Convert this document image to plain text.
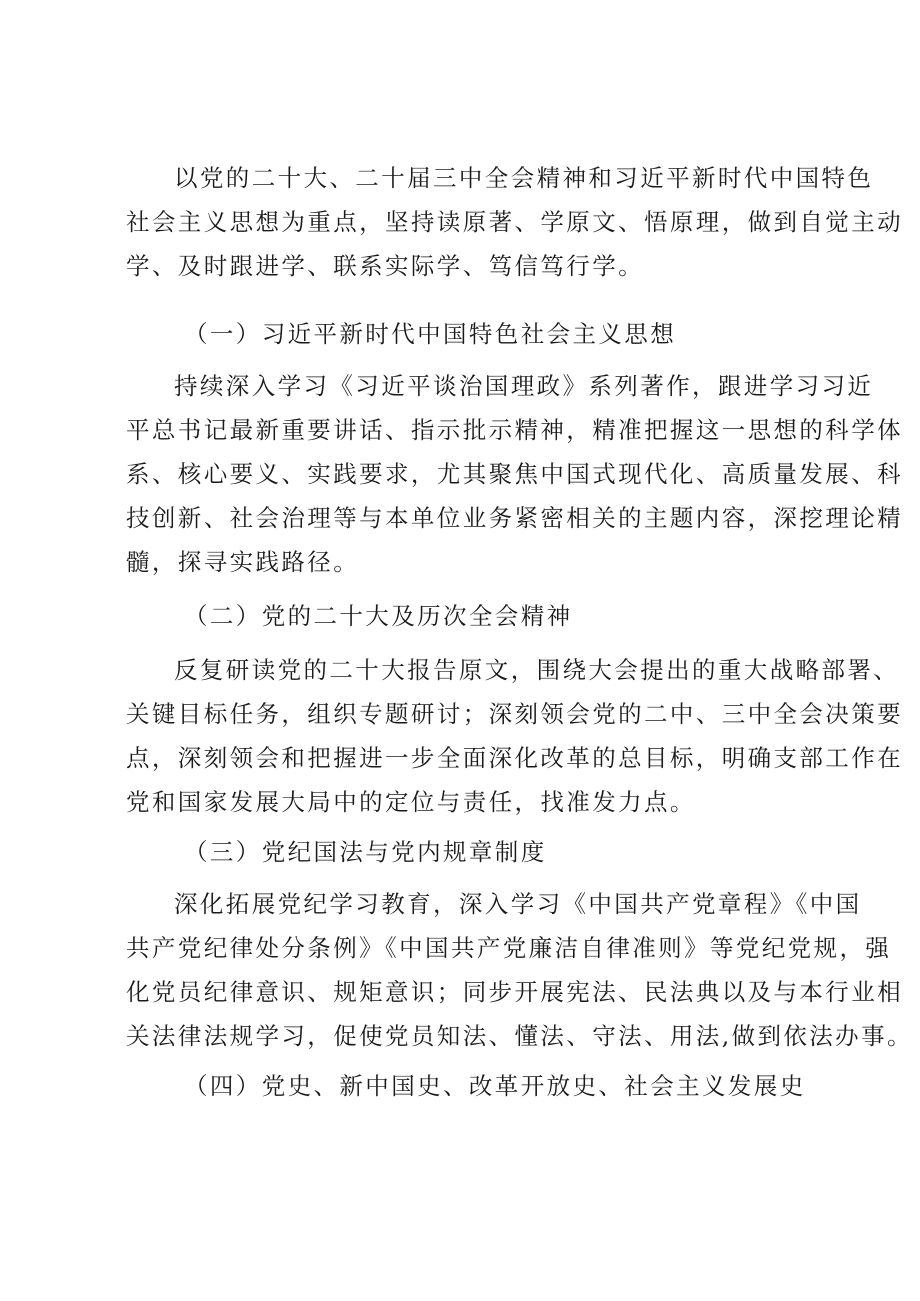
以党的二十大、二十届三中全会精神和习近平新时代中国特色
社会主义思想为重点，坚持读原著、学原文、悟原理，做到自觉主动
学、及时跟进学、联系实际学、笃信笃行学。
（一）习近平新时代中国特色社会主义思想
持续深入学习《习近平谈治国理政》系列著作，跟进学习习近
平总书记最新重要讲话、指示批示精神，精准把握这一思想的科学体
系、核心要义、实践要求，尤其聚焦中国式现代化、高质量发展、科
技创新、社会治理等与本单位业务紧密相关的主题内容，深挖理论精
髓，探寻实践路径。
（二）党的二十大及历次全会精神
反复研读党的二十大报告原文，围绕大会提出的重大战略部署、
关键目标任务，组织专题研讨；深刻领会党的二中、三中全会决策要
点，深刻领会和把握进一步全面深化改革的总目标，明确支部工作在
党和国家发展大局中的定位与责任，找准发力点。
（三）党纪国法与党内规章制度
深化拓展党纪学习教育，深入学习《中国共产党章程》《中国
共产党纪律处分条例》《中国共产党廉洁自律准则》等党纪党规，强
化党员纪律意识、规矩意识；同步开展宪法、民法典以及与本行业相
关法律法规学习，促使党员知法、懂法、守法、用法,做到依法办事。
（四）党史、新中国史、改革开放史、社会主义发展史
